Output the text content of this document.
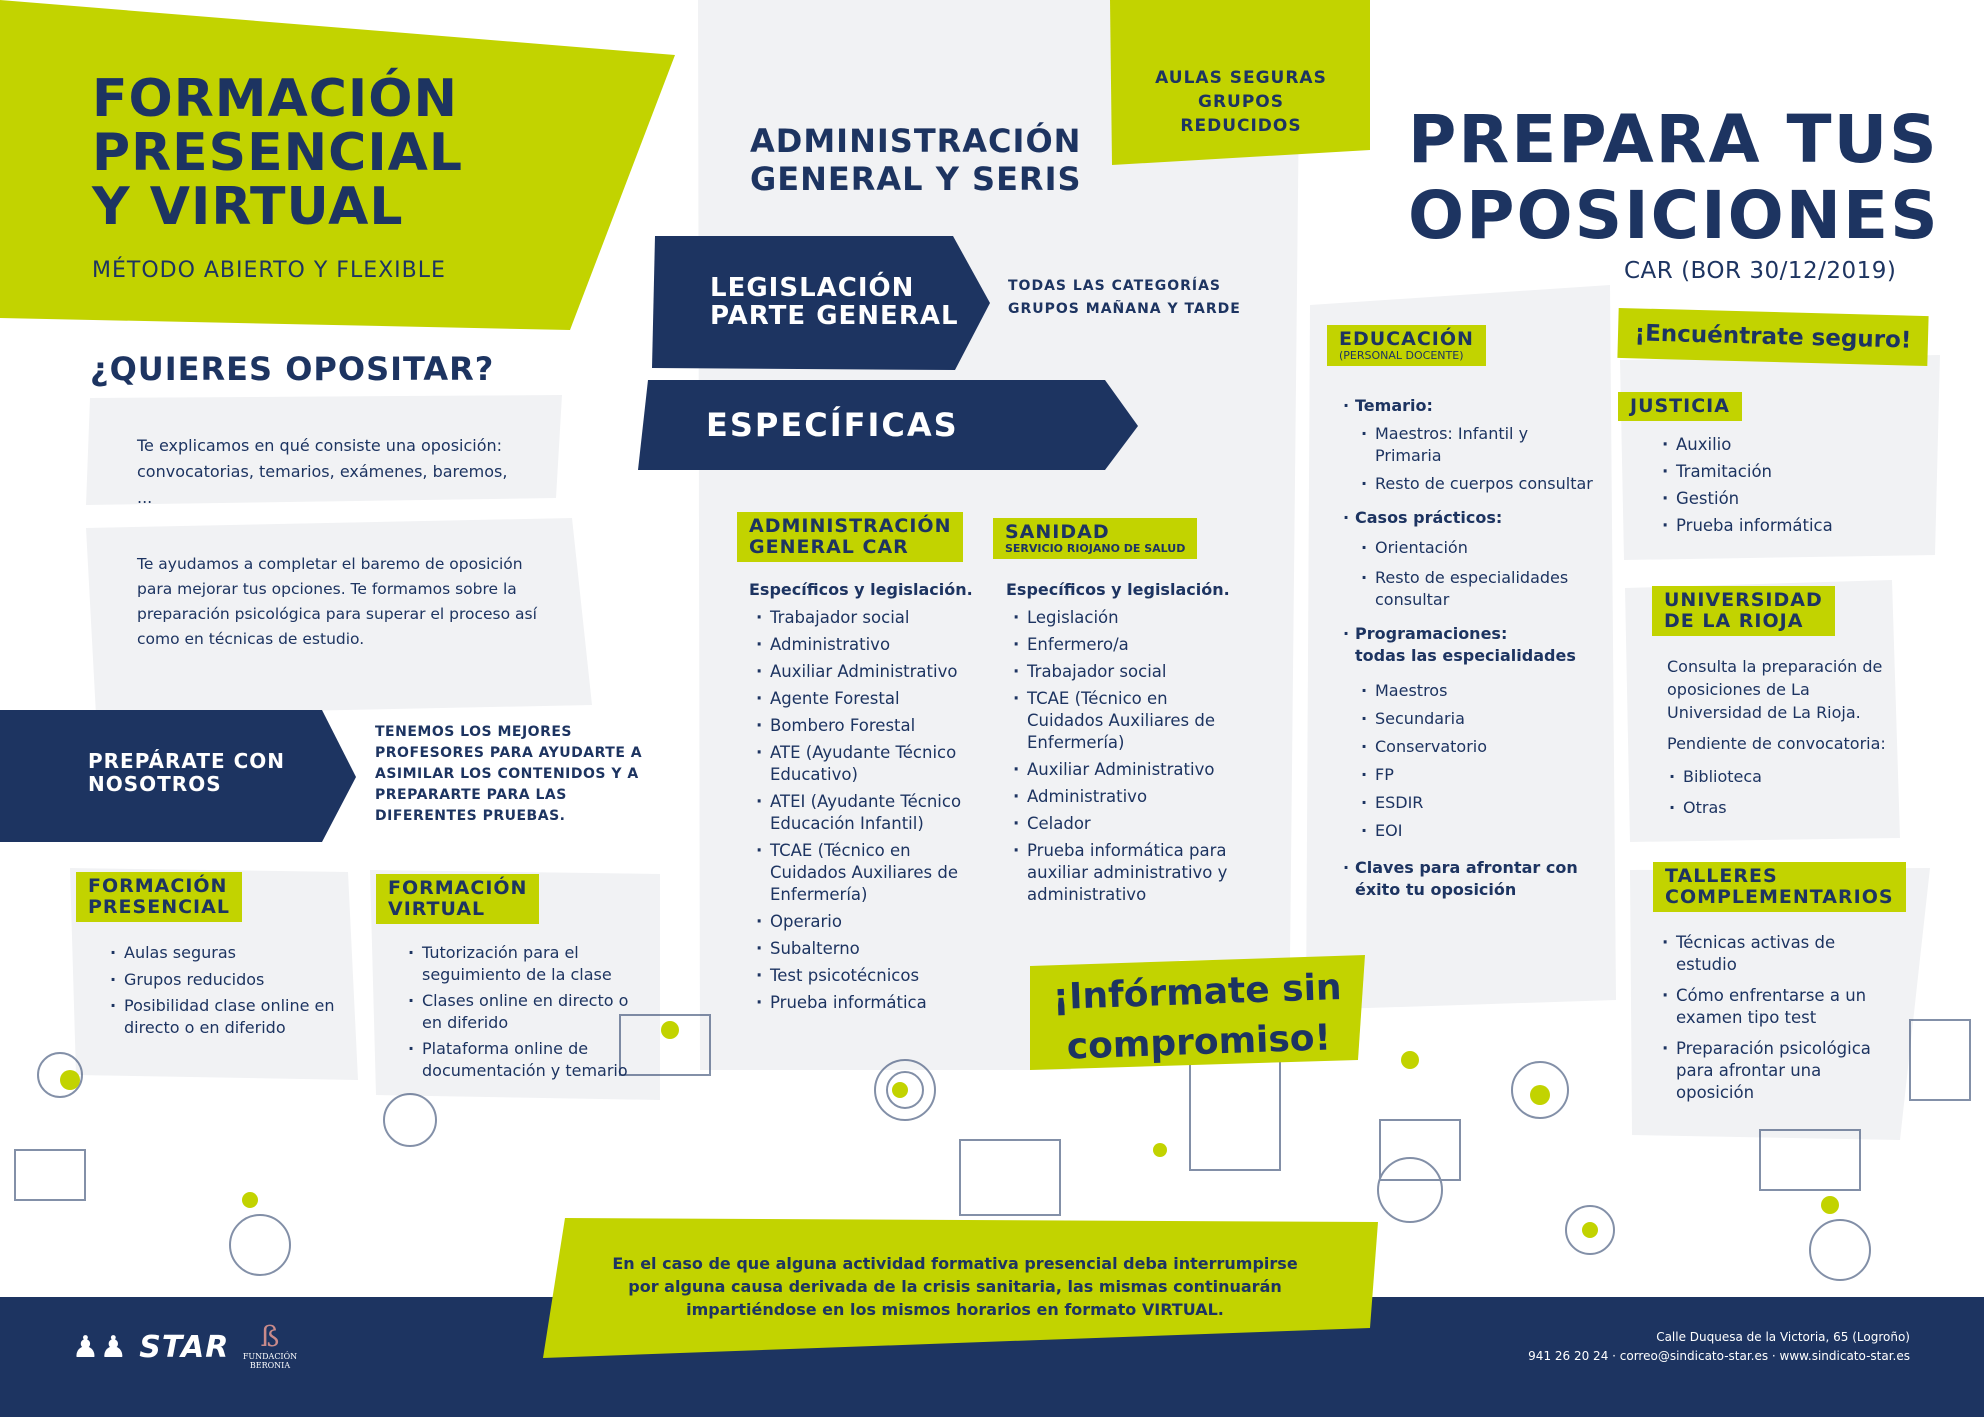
FORMACIÓN
PRESENCIAL
Y VIRTUAL
MÉTODO ABIERTO Y FLEXIBLE
¿QUIERES OPOSITAR?
Te explicamos en qué consiste una oposición: convocatorias, temarios, exámenes, baremos, ...
Te ayudamos a completar el baremo de oposición para mejorar tus opciones. Te formamos sobre la preparación psicológica para superar el proceso así como en técnicas de estudio.
PREPÁRATE CON NOSOTROS
TENEMOS LOS MEJORES PROFESORES PARA AYUDARTE A ASIMILAR LOS CONTENIDOS Y A PREPARARTE PARA LAS DIFERENTES PRUEBAS.
FORMACIÓN
PRESENCIAL
· Aulas seguras
· Grupos reducidos
· Posibilidad clase online en directo o en diferido
FORMACIÓN
VIRTUAL
· Tutorización para el seguimiento de la clase
· Clases online en directo o en diferido
· Plataforma online de documentación y temario
ADMINISTRACIÓN
GENERAL Y SERIS
AULAS SEGURAS
GRUPOS REDUCIDOS
LEGISLACIÓN
PARTE GENERAL
TODAS LAS CATEGORÍAS
GRUPOS MAÑANA Y TARDE
ESPECÍFICAS
ADMINISTRACIÓN
GENERAL CAR
Específicos y legislación.
· Trabajador social
· Administrativo
· Auxiliar Administrativo
· Agente Forestal
· Bombero Forestal
· ATE (Ayudante Técnico Educativo)
· ATEI (Ayudante Técnico Educación Infantil)
· TCAE (Técnico en Cuidados Auxiliares de Enfermería)
· Operario
· Subalterno
· Test psicotécnicos
· Prueba informática
SANIDAD
SERVICIO RIOJANO DE SALUD
Específicos y legislación.
· Legislación
· Enfermero/a
· Trabajador social
· TCAE (Técnico en Cuidados Auxiliares de Enfermería)
· Auxiliar Administrativo
· Administrativo
· Celador
· Prueba informática para auxiliar administrativo y administrativo
¡Infórmate sin
compromiso!
PREPARA TUS
OPOSICIONES
CAR (BOR 30/12/2019)
¡Encuéntrate seguro!
EDUCACIÓN
(PERSONAL DOCENTE)
· Temario:
· Maestros: Infantil y Primaria
· Resto de cuerpos consultar
· Casos prácticos:
· Orientación
· Resto de especialidades consultar
· Programaciones:
todas las especialidades
· Maestros
· Secundaria
· Conservatorio
· FP
· ESDIR
· EOI
· Claves para afrontar con éxito tu oposición
JUSTICIA
· Auxilio
· Tramitación
· Gestión
· Prueba informática
UNIVERSIDAD
DE LA RIOJA
Consulta la preparación de oposiciones de La Universidad de La Rioja.
Pendiente de convocatoria:
· Biblioteca
· Otras
TALLERES
COMPLEMENTARIOS
· Técnicas activas de estudio
· Cómo enfrentarse a un examen tipo test
· Preparación psicológica para afrontar una oposición
En el caso de que alguna actividad formativa presencial deba interrumpirse por alguna causa derivada de la crisis sanitaria, las mismas continuarán impartiéndose en los mismos horarios en formato VIRTUAL.
♟♟ STAR	ß
FUNDACIÓN BERONIA
Calle Duquesa de la Victoria, 65 (Logroño)
941 26 20 24 · correo@sindicato-star.es · www.sindicato-star.es
